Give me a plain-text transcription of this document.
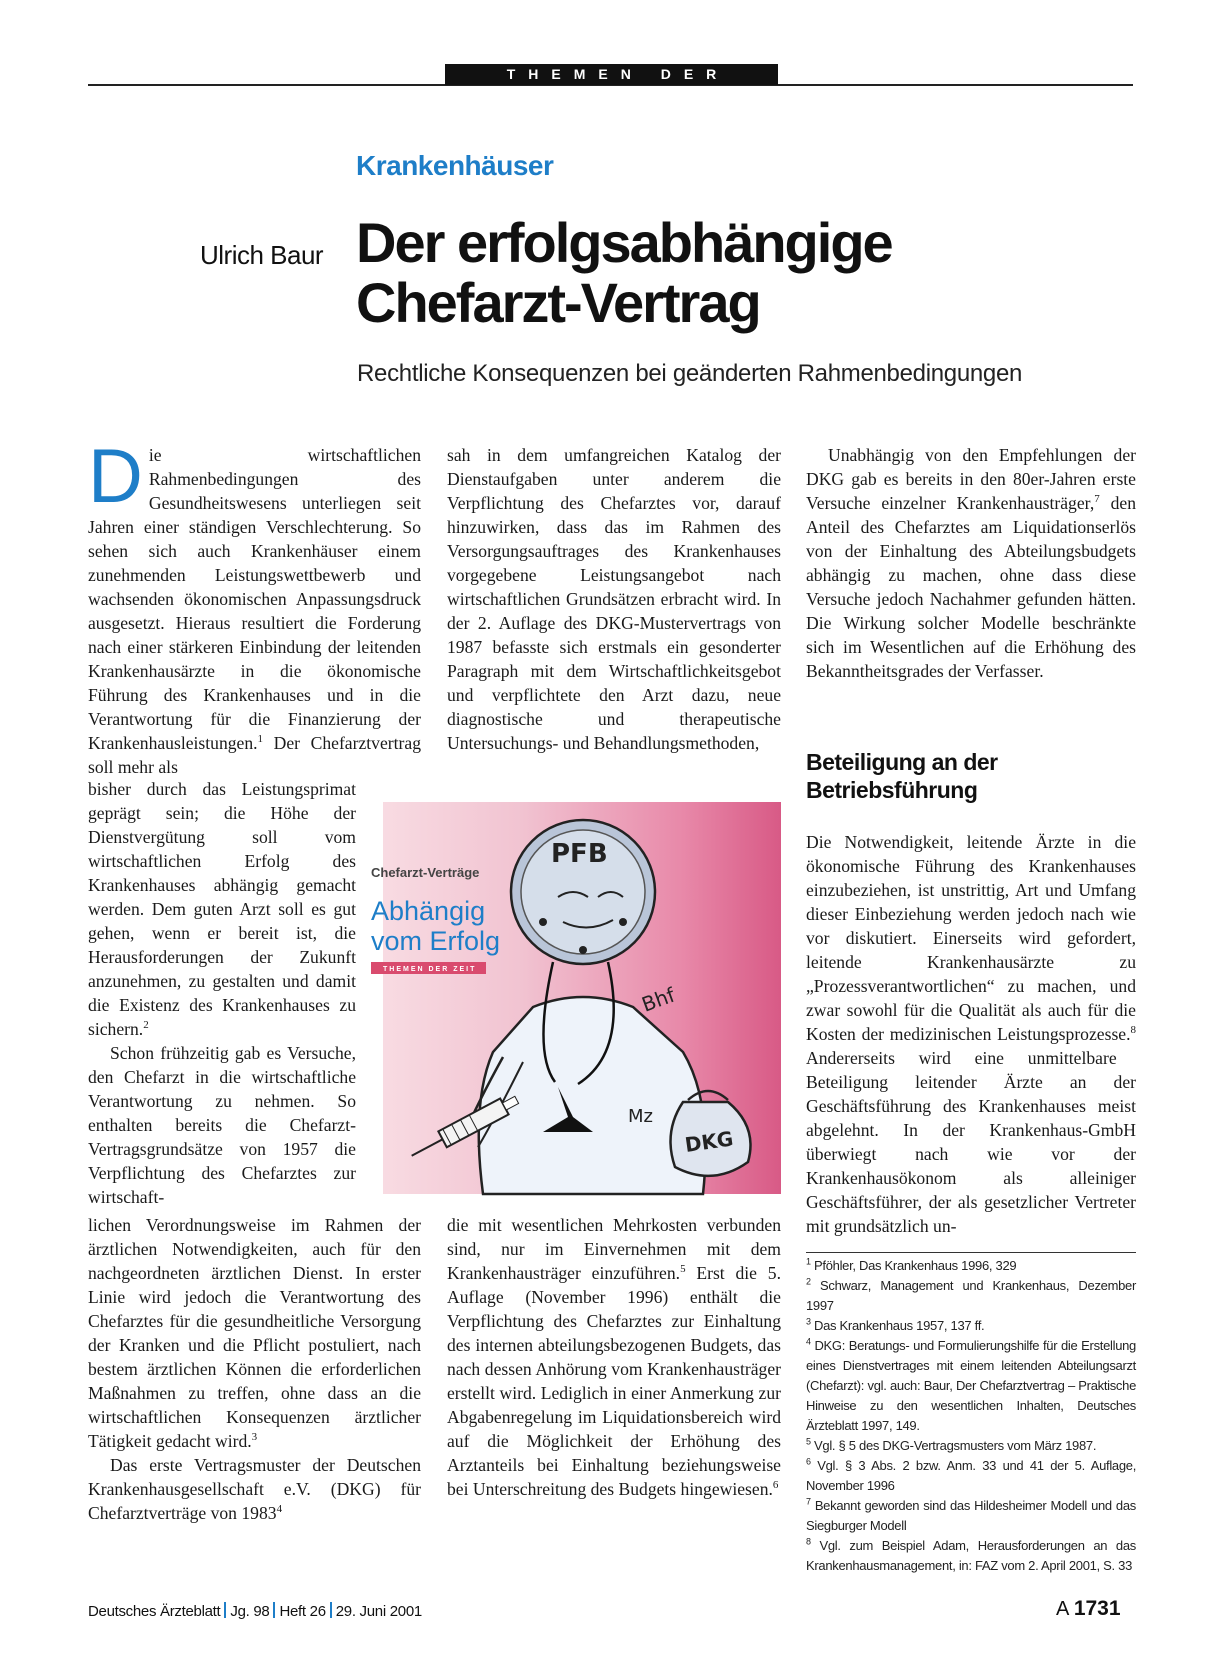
THEMEN DER ZEIT
Krankenhäuser
Ulrich Baur Der erfolgsabhängige
Chefarzt-Vertrag
Rechtliche Konsequenzen bei geänderten Rahmenbedingungen

Die wirtschaftlichen Rahmenbedingungen des Gesundheitswesens unterliegen seit Jahren einer ständigen Verschlechterung. So sehen sich auch Krankenhäuser einem zunehmenden Leistungswettbewerb und wachsenden ökonomischen Anpassungsdruck ausgesetzt. Hieraus resultiert die Forderung nach einer stärkeren Einbindung der leitenden Krankenhausärzte in die ökonomische Führung des Krankenhauses und in die Verantwortung für die Finanzierung der Krankenhausleistungen.$^1$ Der Chefarztvertrag soll mehr als

bisher durch das Leistungsprimat geprägt sein; die Höhe der Dienstvergütung soll vom wirtschaftlichen Erfolg des Krankenhauses abhängig gemacht werden. Dem guten Arzt soll es gut gehen, wenn er bereit ist, die Herausforderungen der Zukunft anzunehmen, zu gestalten und damit die Existenz des Krankenhauses zu sichern.$^2$

Schon frühzeitig gab es Versuche, den Chefarzt in die wirtschaftliche Verantwortung zu nehmen. So enthalten bereits die Chefarzt-Vertragsgrundsätze von 1957 die Verpflichtung des Chefarztes zur wirtschaft-

lichen Verordnungsweise im Rahmen der ärztlichen Notwendigkeiten, auch für den nachgeordneten ärztlichen Dienst. In erster Linie wird jedoch die Verantwortung des Chefarztes für die gesundheitliche Versorgung der Kranken und die Pflicht postuliert, nach bestem ärztlichen Können die erforderlichen Maßnahmen zu treffen, ohne dass an die wirtschaftlichen Konsequenzen ärztlicher Tätigkeit gedacht wird.$^3$

Das erste Vertragsmuster der Deutschen Krankenhausgesellschaft e.V. (DKG) für Chefarztverträge von 1983$^4$

sah in dem umfangreichen Katalog der Dienstaufgaben unter anderem die Verpflichtung des Chefarztes vor, darauf hinzuwirken, dass das im Rahmen des Versorgungsauftrages des Krankenhauses vorgegebene Leistungsangebot nach wirtschaftlichen Grundsätzen erbracht wird. In der 2. Auflage des DKG-Mustervertrags von 1987 befasste sich erstmals ein gesonderter Paragraph mit dem Wirtschaftlichkeitsgebot und verpflichtete den Arzt dazu, neue diagnostische und therapeutische Untersuchungs- und Behandlungsmethoden,

die mit wesentlichen Mehrkosten verbunden sind, nur im Einvernehmen mit dem Krankenhausträger einzuführen.$^5$ Erst die 5. Auflage (November 1996) enthält die Verpflichtung des Chefarztes zur Einhaltung des internen abteilungsbezogenen Budgets, das nach dessen Anhörung vom Krankenhausträger erstellt wird. Lediglich in einer Anmerkung zur Abgabenregelung im Liquidationsbereich wird auf die Möglichkeit der Erhöhung des Arztanteils bei Einhaltung beziehungsweise bei Unterschreitung des Budgets hingewiesen.$^6$

PFB
Bhf
Mz
DKG
Chefarzt-Verträge
Abhängig
vom Erfolg
THEMEN DER ZEIT

Unabhängig von den Empfehlungen der DKG gab es bereits in den 80er-Jahren erste Versuche einzelner Krankenhausträger,$^7$ den Anteil des Chefarztes am Liquidationserlös von der Einhaltung des Abteilungsbudgets abhängig zu machen, ohne dass diese Versuche jedoch Nachahmer gefunden hätten. Die Wirkung solcher Modelle beschränkte sich im Wesentlichen auf die Erhöhung des Bekanntheitsgrades der Verfasser.

Beteiligung an der Betriebsführung

Die Notwendigkeit, leitende Ärzte in die ökonomische Führung des Krankenhauses einzubeziehen, ist unstrittig, Art und Umfang dieser Einbeziehung werden jedoch nach wie vor diskutiert. Einerseits wird gefordert, leitende Krankenhausärzte zu „Prozessverantwortlichen“ zu machen, und zwar sowohl für die Qualität als auch für die Kosten der medizinischen Leistungsprozesse.$^8$ Andererseits wird eine unmittelbare Beteiligung leitender Ärzte an der Geschäftsführung des Krankenhauses meist abgelehnt. In der Krankenhaus-GmbH überwiegt nach wie vor der Krankenhausökonom als alleiniger Geschäftsführer, der als gesetzlicher Vertreter mit grundsätzlich un-

$^1$ Pföhler, Das Krankenhaus 1996, 329
$^2$ Schwarz, Management und Krankenhaus, Dezember 1997
$^3$ Das Krankenhaus 1957, 137 ff.
$^4$ DKG: Beratungs- und Formulierungshilfe für die Erstellung eines Dienstvertrages mit einem leitenden Abteilungsarzt (Chefarzt): vgl. auch: Baur, Der Chefarztvertrag – Praktische Hinweise zu den wesentlichen Inhalten, Deutsches Ärzteblatt 1997, 149.
$^5$ Vgl. § 5 des DKG-Vertragsmusters vom März 1987.
$^6$ Vgl. § 3 Abs. 2 bzw. Anm. 33 und 41 der 5. Auflage, November 1996
$^7$ Bekannt geworden sind das Hildesheimer Modell und das Siegburger Modell
$^8$ Vgl. zum Beispiel Adam, Herausforderungen an das Krankenhausmanagement, in: FAZ vom 2. April 2001, S. 33
Deutsches Ärzteblatt Jg. 98 Heft 26 29. Juni 2001	A 1731
